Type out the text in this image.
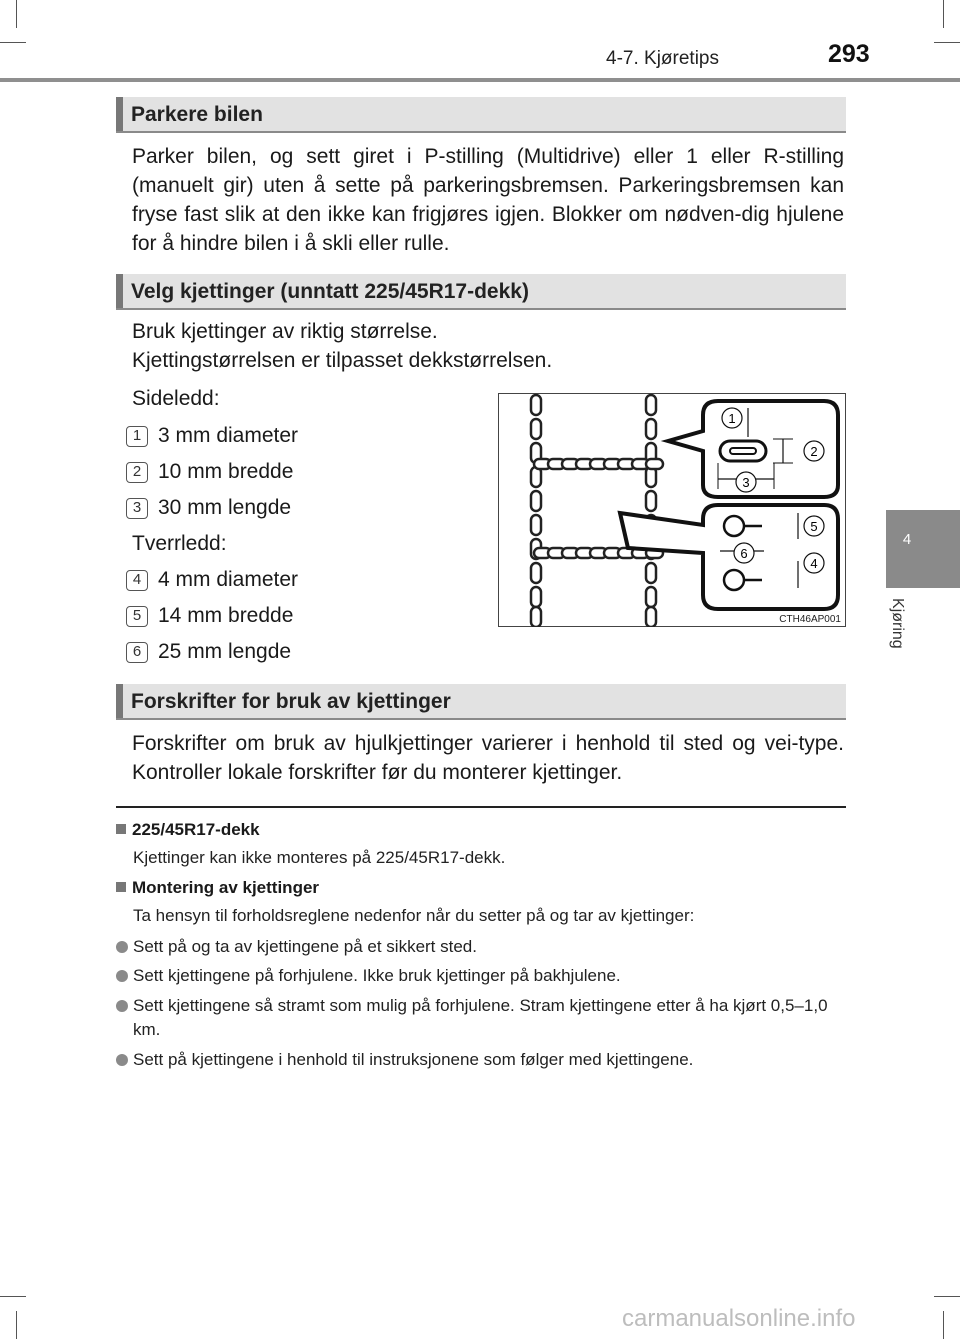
4-7. Kjøretips	293
4
Kjøring
Parkere bilen
Parker bilen, og sett giret i P-stilling (Multidrive) eller 1 eller R-stilling (manuelt gir) uten å sette på parkeringsbremsen. Parkeringsbremsen kan fryse fast slik at den ikke kan frigjøres igjen. Blokker om nødven-dig hjulene for å hindre bilen i å skli eller rulle.
Velg kjettinger (unntatt 225/45R17-dekk)
Bruk kjettinger av riktig størrelse.
Kjettingstørrelsen er tilpasset dekkstørrelsen.
Sideledd:
1 3 mm diameter
2 10 mm bredde
3 30 mm lengde
Tverrledd:
4 4 mm diameter
5 14 mm bredde
6 25 mm lengde
1
2
3
4
5
6
CTH46AP001
Forskrifter for bruk av kjettinger
Forskrifter om bruk av hjulkjettinger varierer i henhold til sted og vei-type. Kontroller lokale forskrifter før du monterer kjettinger.
225/45R17-dekk
Kjettinger kan ikke monteres på 225/45R17-dekk.
Montering av kjettinger
Ta hensyn til forholdsreglene nedenfor når du setter på og tar av kjettinger:
Sett på og ta av kjettingene på et sikkert sted.
Sett kjettingene på forhjulene. Ikke bruk kjettinger på bakhjulene.
Sett kjettingene så stramt som mulig på forhjulene. Stram kjettingene etter å ha kjørt 0,5–1,0 km.
Sett på kjettingene i henhold til instruksjonene som følger med kjettingene.
carmanualsonline.info
